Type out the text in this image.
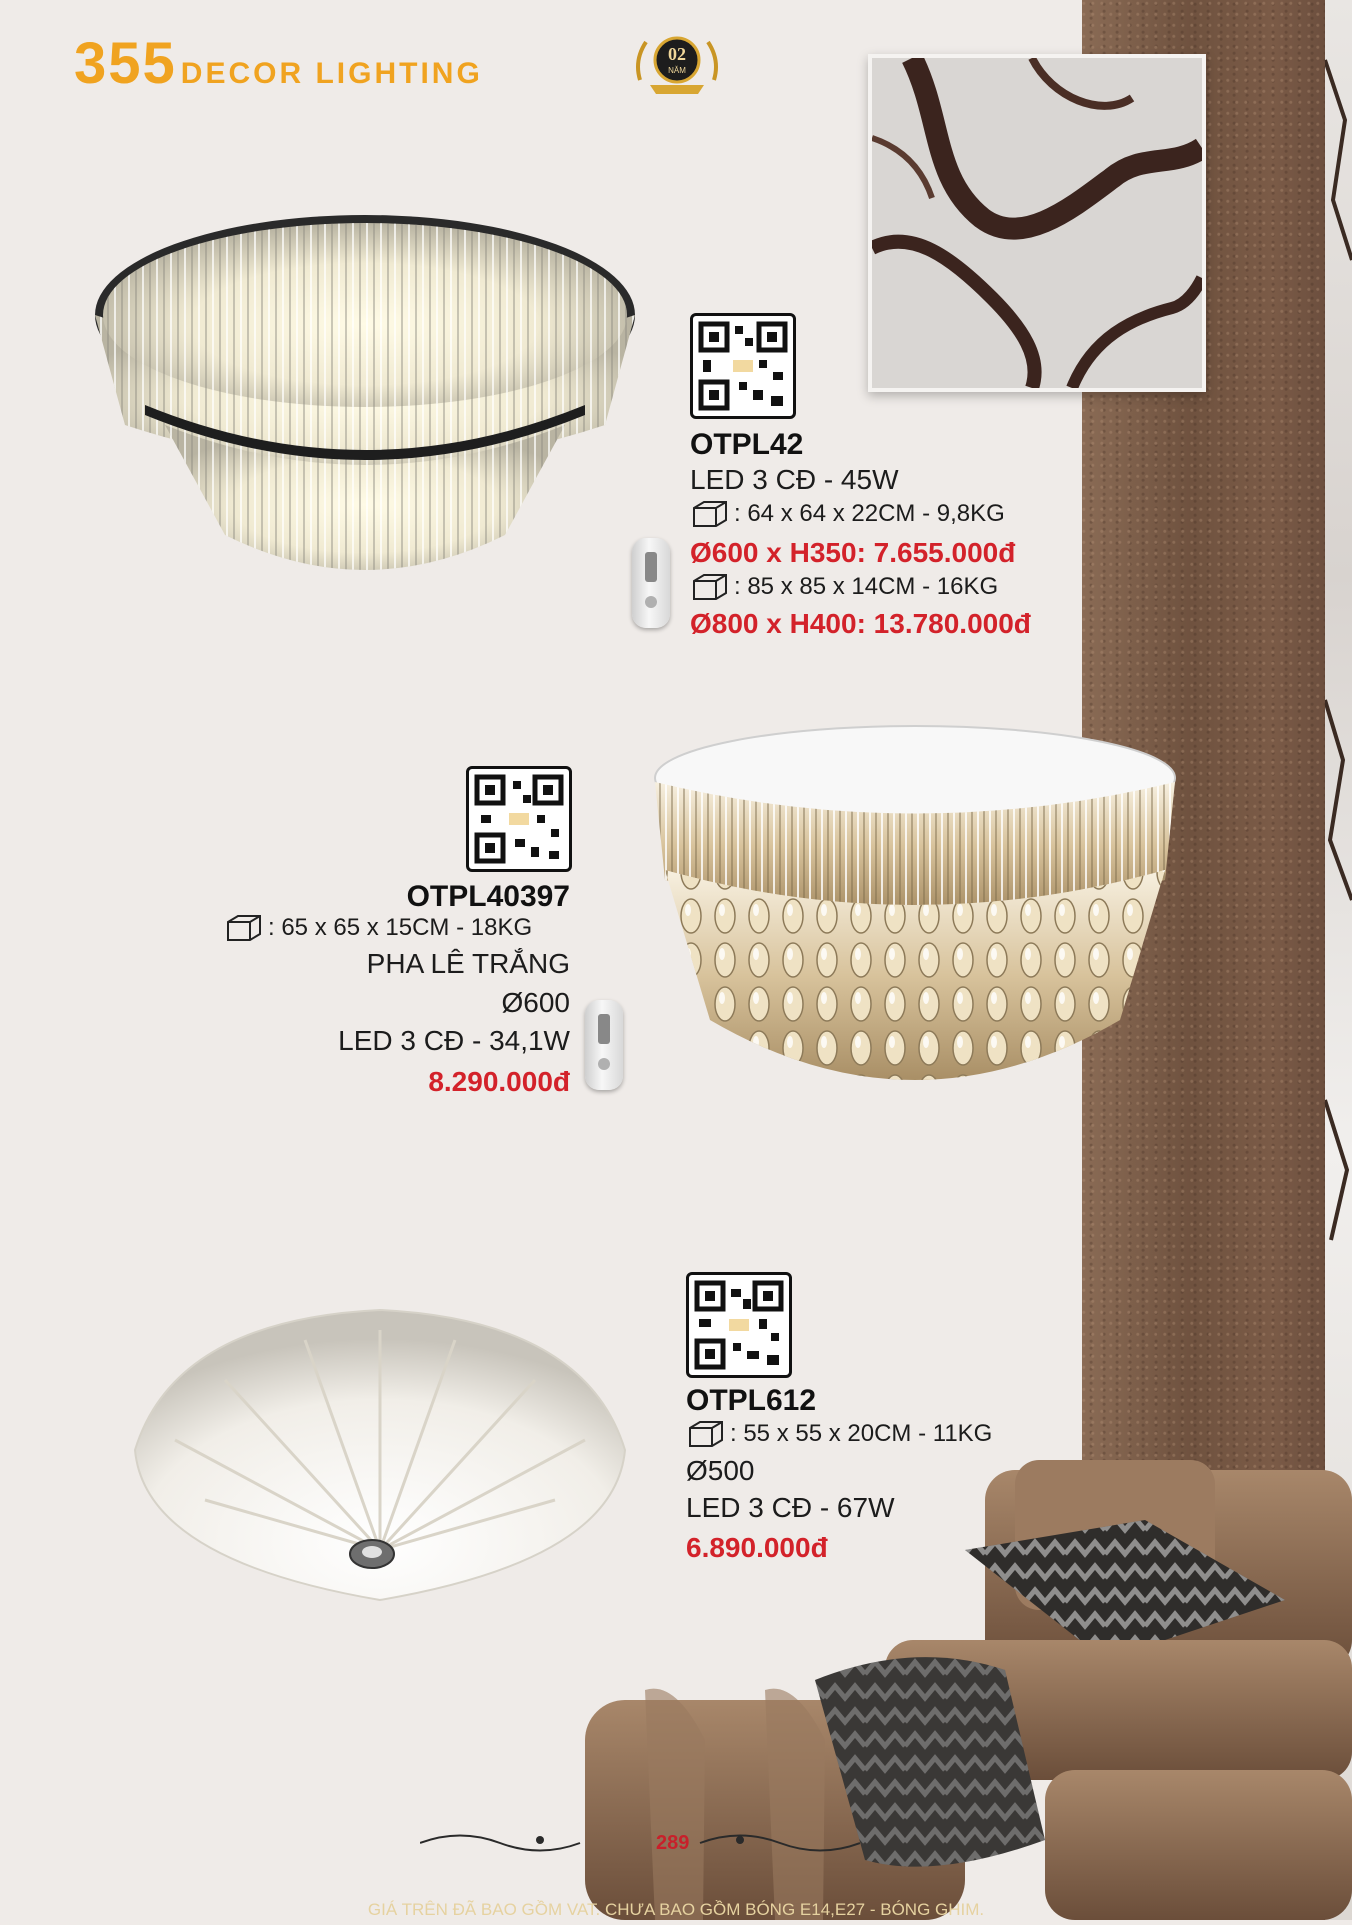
355 DECOR LIGHTING
02
NĂM
OTPL42
LED 3 CĐ - 45W
: 64 x 64 x 22CM - 9,8KG
Ø600 x H350: 7.655.000đ
: 85 x 85 x 14CM - 16KG
Ø800 x H400: 13.780.000đ
OTPL40397
: 65 x 65 x 15CM - 18KG
PHA LÊ TRẮNG
Ø600
LED 3 CĐ - 34,1W
8.290.000đ
OTPL612
: 55 x 55 x 20CM - 11KG
Ø500
LED 3 CĐ - 67W
6.890.000đ
289
GIÁ TRÊN ĐÃ BAO GỒM VAT. CHƯA BAO GỒM BÓNG E14,E27 - BÓNG GHIM.
